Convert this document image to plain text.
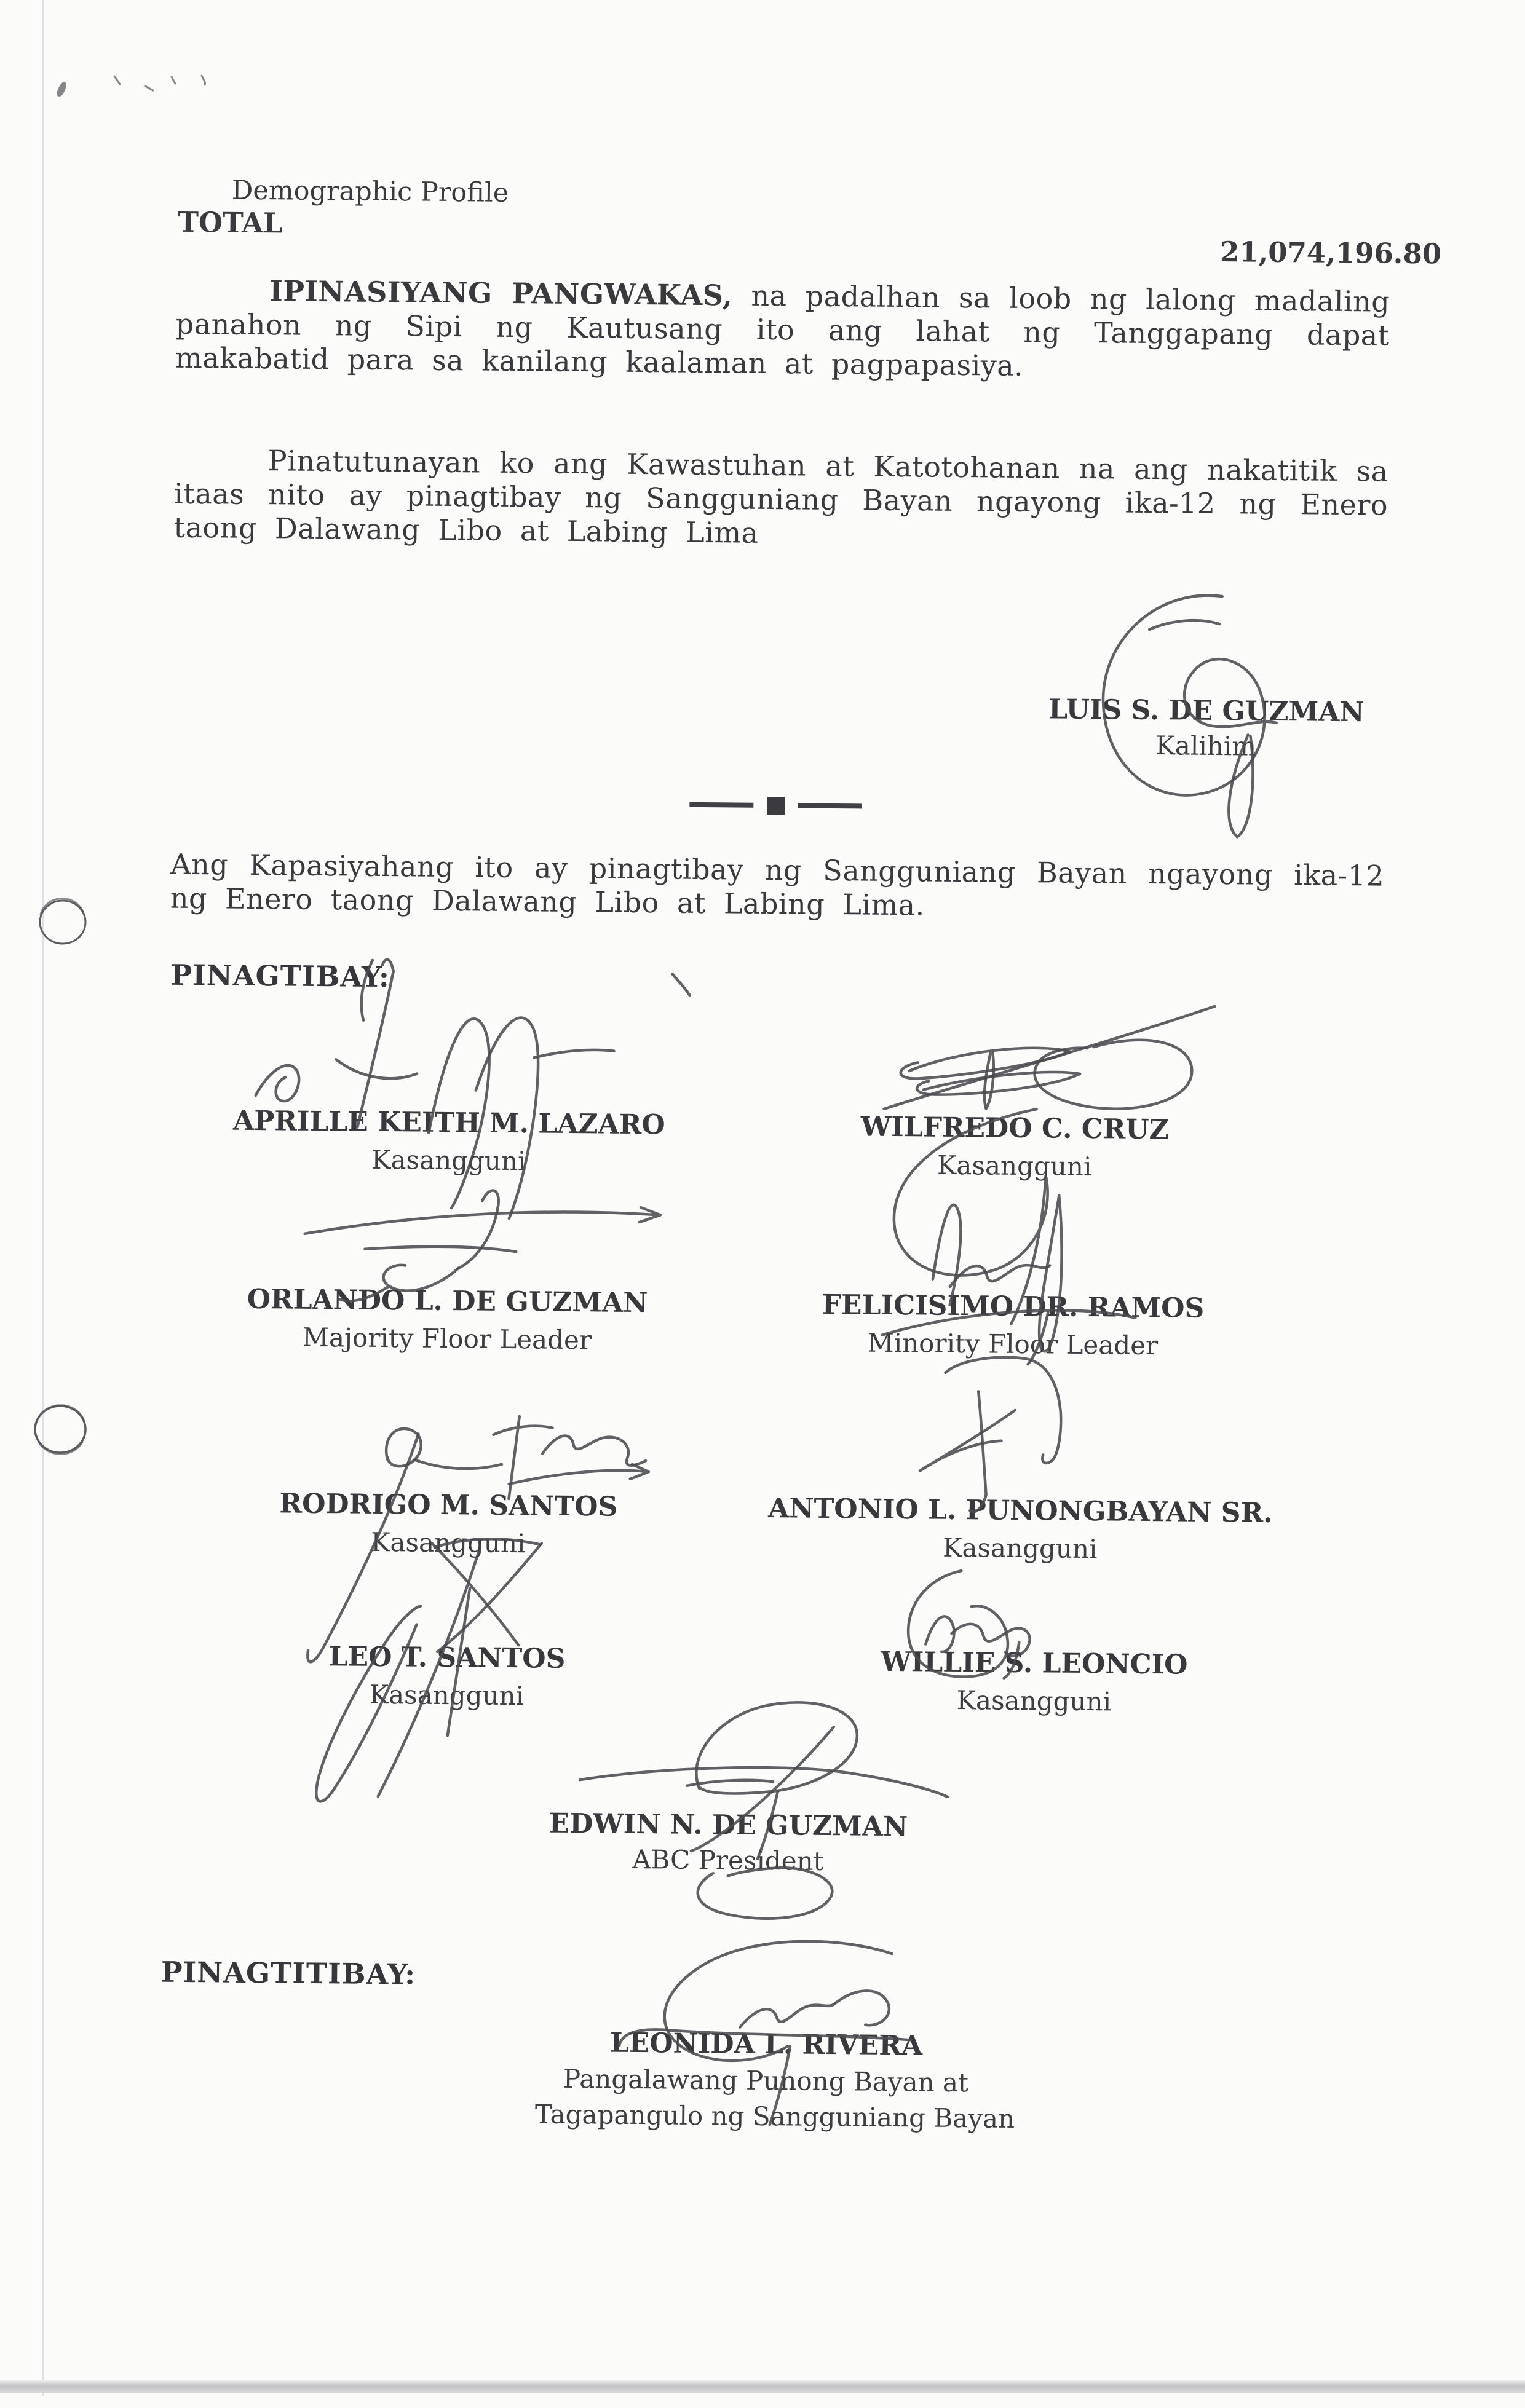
Demographic Profile
TOTAL
21,074,196.80

IPINASIYANG PANGWAKAS, na padalhan sa loob ng lalong madaling panahon ng Sipi ng Kautusang ito ang lahat ng Tanggapang dapat makabatid para sa kanilang kaalaman at pagpapasiya.

Pinatutunayan ko ang Kawastuhan at Katotohanan na ang nakatitik sa itaas nito ay pinagtibay ng Sangguniang Bayan ngayong ika-12 ng Enero taong Dalawang Libo at Labing Lima

LUIS S. DE GUZMAN
Kalihim

Ang Kapasiyahang ito ay pinagtibay ng Sangguniang Bayan ngayong ika-12 ng Enero taong Dalawang Libo at Labing Lima.

PINAGTIBAY:
APRILLE KEITH M. LAZARO
Kasangguni
WILFREDO C. CRUZ
Kasangguni
ORLANDO L. DE GUZMAN
Majority Floor Leader
FELICISIMO DR. RAMOS
Minority Floor Leader
RODRIGO M. SANTOS
Kasangguni
ANTONIO L. PUNONGBAYAN SR.
Kasangguni
LEO T. SANTOS
Kasangguni
WILLIE S. LEONCIO
Kasangguni
EDWIN N. DE GUZMAN
ABC President
PINAGTITIBAY:
LEONIDA L. RIVERA
Pangalawang Punong Bayan at
Tagapangulo ng Sangguniang Bayan
